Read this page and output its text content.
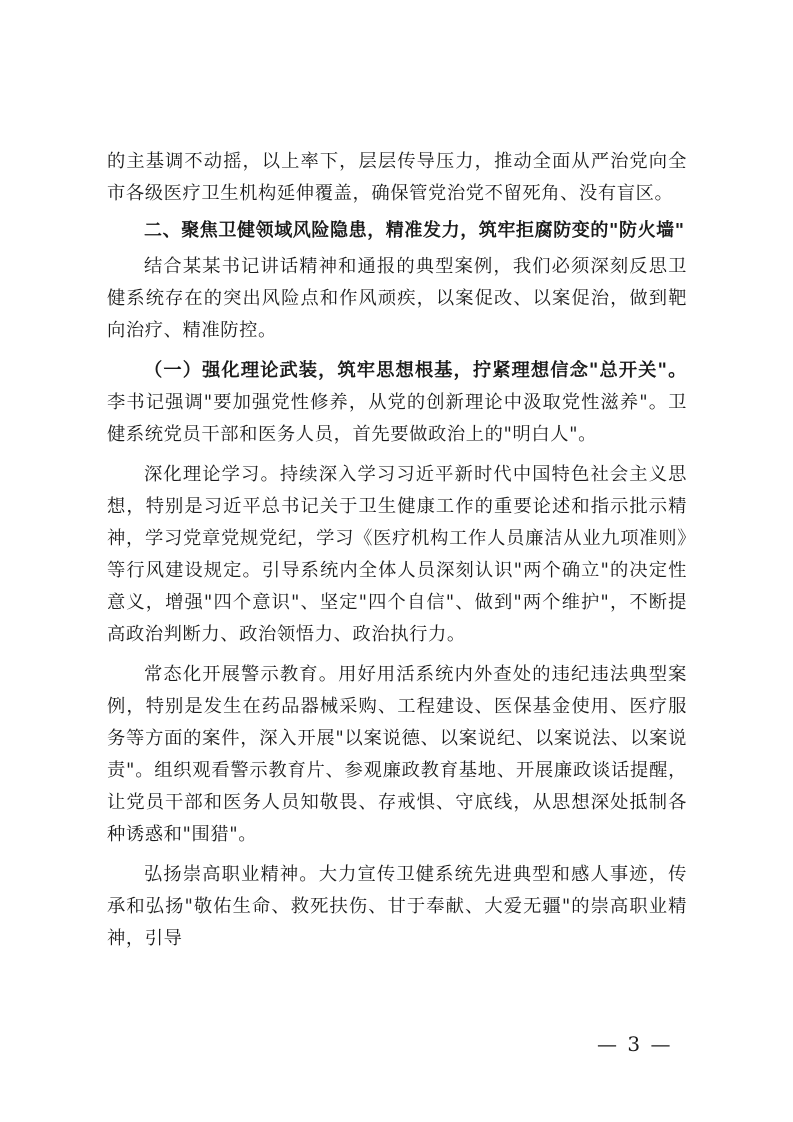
的主基调不动摇，以上率下，层层传导压力，推动全面从严治党向全市各级医疗卫生机构延伸覆盖，确保管党治党不留死角、没有盲区。

二、聚焦卫健领域风险隐患，精准发力，筑牢拒腐防变的"防火墙"

结合某某书记讲话精神和通报的典型案例，我们必须深刻反思卫健系统存在的突出风险点和作风顽疾，以案促改、以案促治，做到靶向治疗、精准防控。

（一）强化理论武装，筑牢思想根基，拧紧理想信念"总开关"。李书记强调"要加强党性修养，从党的创新理论中汲取党性滋养"。卫健系统党员干部和医务人员，首先要做政治上的"明白人"。

深化理论学习。持续深入学习习近平新时代中国特色社会主义思想，特别是习近平总书记关于卫生健康工作的重要论述和指示批示精神，学习党章党规党纪，学习《医疗机构工作人员廉洁从业九项准则》等行风建设规定。引导系统内全体人员深刻认识"两个确立"的决定性意义，增强"四个意识"、坚定"四个自信"、做到"两个维护"，不断提高政治判断力、政治领悟力、政治执行力。

常态化开展警示教育。用好用活系统内外查处的违纪违法典型案例，特别是发生在药品器械采购、工程建设、医保基金使用、医疗服务等方面的案件，深入开展"以案说德、以案说纪、以案说法、以案说责"。组织观看警示教育片、参观廉政教育基地、开展廉政谈话提醒，让党员干部和医务人员知敬畏、存戒惧、守底线，从思想深处抵制各种诱惑和"围猎"。

弘扬崇高职业精神。大力宣传卫健系统先进典型和感人事迹，传承和弘扬"敬佑生命、救死扶伤、甘于奉献、大爱无疆"的崇高职业精神，引导

— 3 —
